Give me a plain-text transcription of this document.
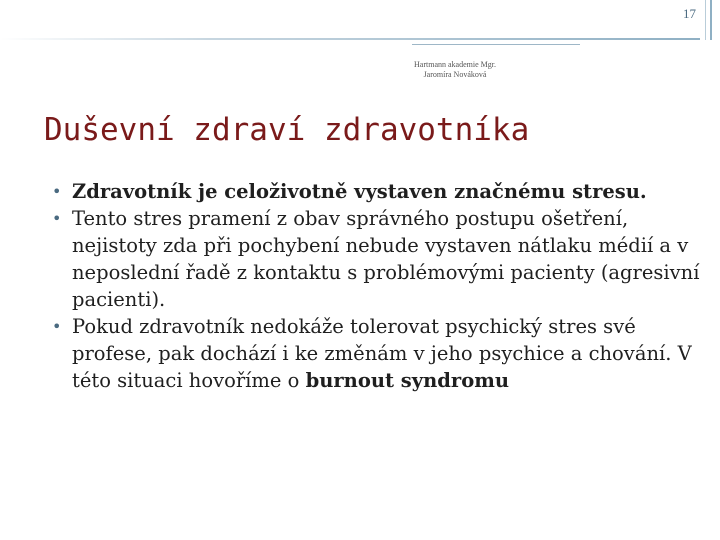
17
Hartmann akademie Mgr.
Jaromíra Nováková
Duševní zdraví zdravotníka
• Zdravotník je celoživotně vystaven značnému stresu.
• Tento stres pramení z obav správného postupu ošetření, nejistoty zda při pochybení nebude vystaven nátlaku médií a v neposlední řadě z kontaktu s problémovými pacienty (agresivní pacienti).
• Pokud zdravotník nedokáže tolerovat psychický stres své profese, pak dochází i ke změnám v jeho psychice a chování. V této situaci hovoříme o burnout syndromu
